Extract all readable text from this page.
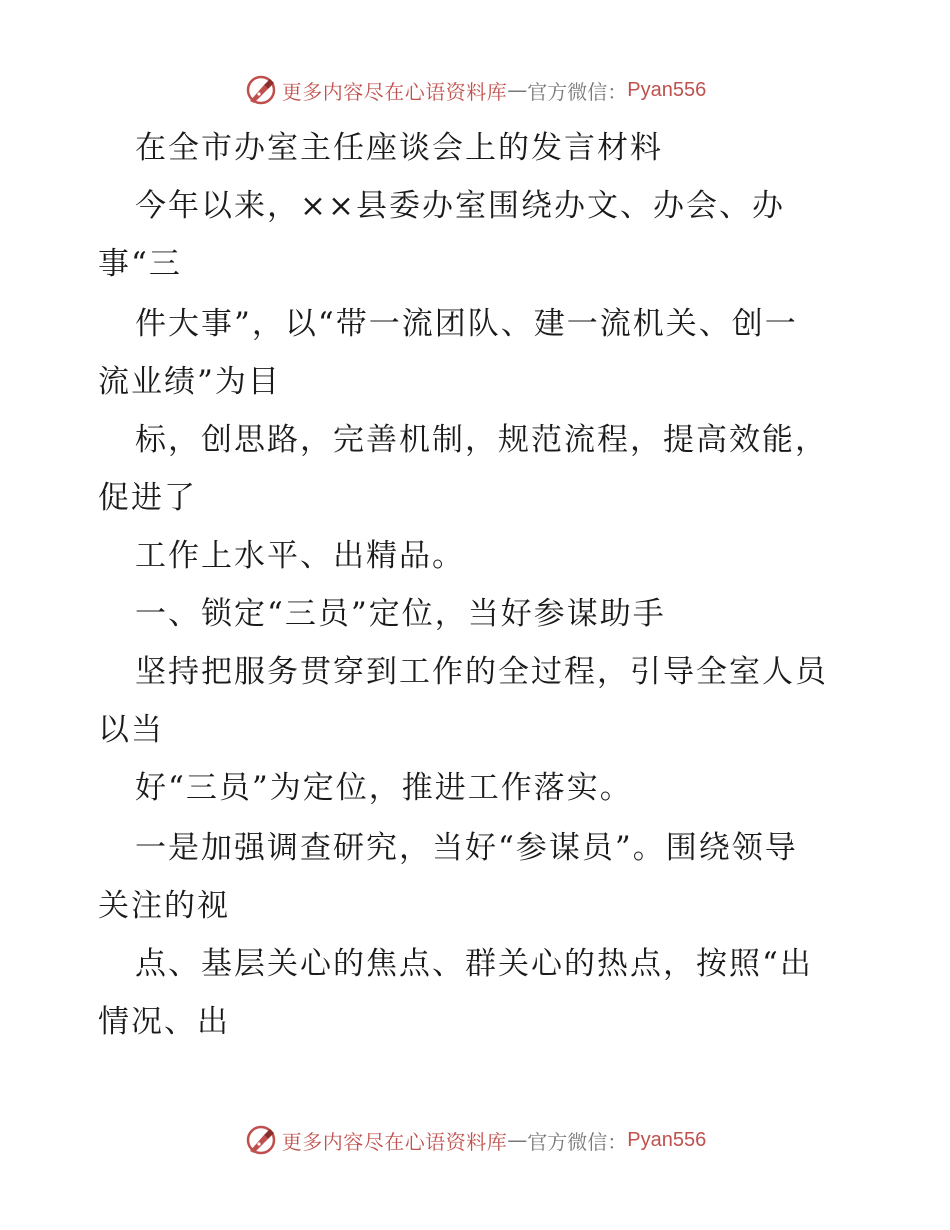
更多内容尽在心语资料库 — 官方微信： Pyan556
在全市办室主任座谈会上的发言材料
今年以来，××县委办室围绕办文、办会、办
事“三
件大事”，以“带一流团队、建一流机关、创一
流业绩”为目
标，创思路，完善机制，规范流程，提高效能，
促进了
工作上水平、出精品。
一、锁定“三员”定位，当好参谋助手
坚持把服务贯穿到工作的全过程，引导全室人员
以当
好“三员”为定位，推进工作落实。
一是加强调查研究，当好“参谋员”。围绕领导
关注的视
点、基层关心的焦点、群关心的热点，按照“出
情况、出
更多内容尽在心语资料库 — 官方微信： Pyan556
